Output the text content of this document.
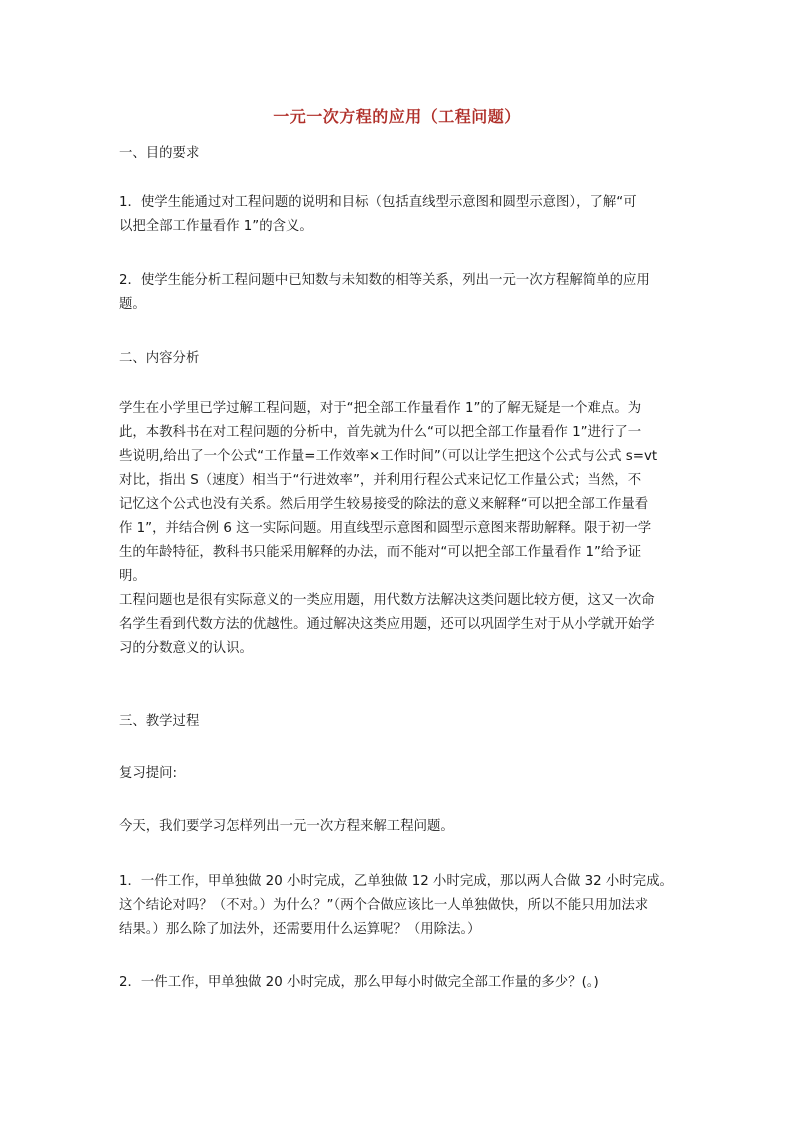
一元一次方程的应用（工程问题）
一、目的要求
1．使学生能通过对工程问题的说明和目标（包括直线型示意图和圆型示意图），了解“可
以把全部工作量看作 1”的含义。
2．使学生能分析工程问题中已知数与未知数的相等关系，列出一元一次方程解简单的应用
题。
二、内容分析
学生在小学里已学过解工程问题，对于“把全部工作量看作 1”的了解无疑是一个难点。为
此，本教科书在对工程问题的分析中，首先就为什么“可以把全部工作量看作 1”进行了一
些说明,给出了一个公式“工作量=工作效率×工作时间”（可以让学生把这个公式与公式 s=vt
对比，指出 S（速度）相当于“行进效率”，并利用行程公式来记忆工作量公式；当然，不
记忆这个公式也没有关系。然后用学生较易接受的除法的意义来解释“可以把全部工作量看
作 1”，并结合例 6 这一实际问题。用直线型示意图和圆型示意图来帮助解释。限于初一学
生的年龄特征，教科书只能采用解释的办法，而不能对“可以把全部工作量看作 1”给予证
明。
工程问题也是很有实际意义的一类应用题，用代数方法解决这类问题比较方便，这又一次命
名学生看到代数方法的优越性。通过解决这类应用题，还可以巩固学生对于从小学就开始学
习的分数意义的认识。
三、教学过程
复习提问:
今天，我们要学习怎样列出一元一次方程来解工程问题。
1．一件工作，甲单独做 20 小时完成，乙单独做 12 小时完成，那以两人合做 32 小时完成。
这个结论对吗？（不对。）为什么？”（两个合做应该比一人单独做快，所以不能只用加法求
结果。）那么除了加法外，还需要用什么运算呢？（用除法。）
2．一件工作，甲单独做 20 小时完成，那么甲每小时做完全部工作量的多少？(。)
